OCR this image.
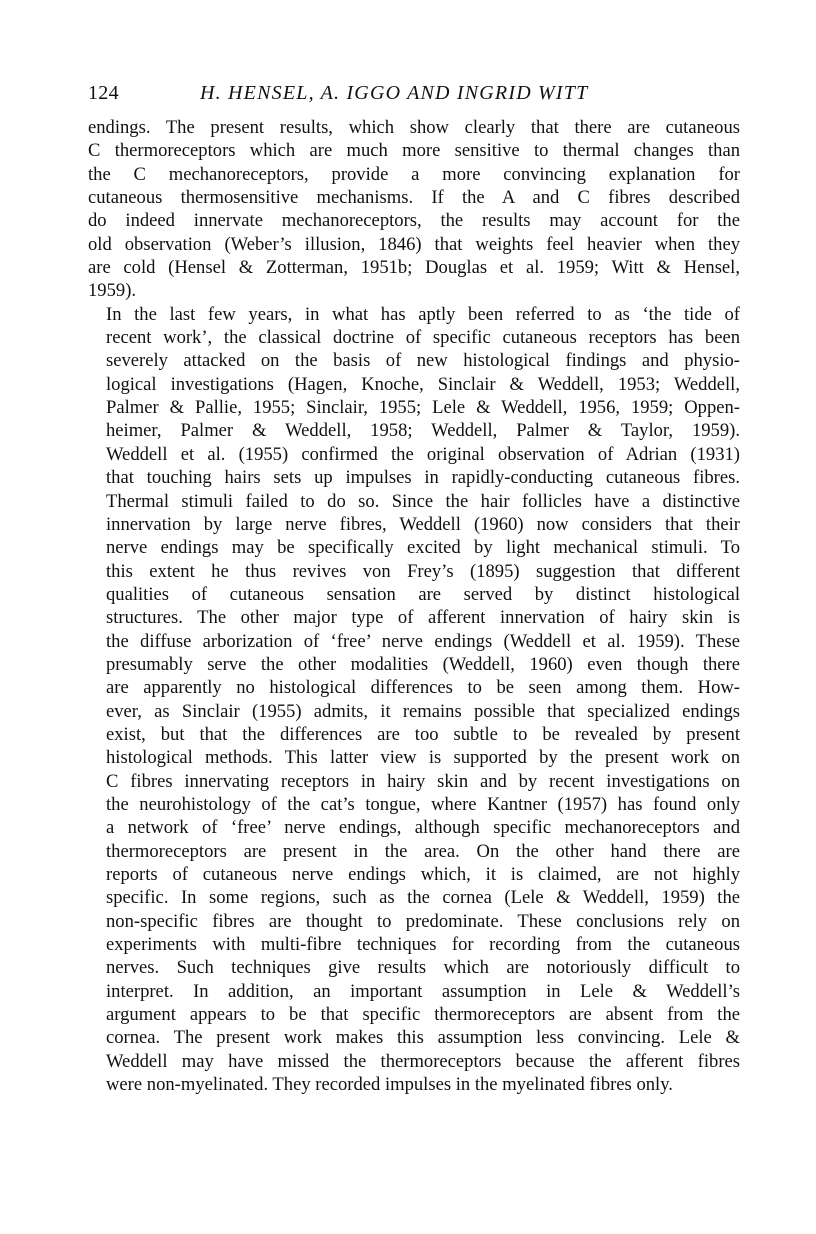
124	H. HENSEL, A. IGGO AND INGRID WITT

endings. The present results, which show clearly that there are cutaneous
C thermoreceptors which are much more sensitive to thermal changes than
the C mechanoreceptors, provide a more convincing explanation for
cutaneous thermosensitive mechanisms. If the A and C fibres described
do indeed innervate mechanoreceptors, the results may account for the
old observation (Weber’s illusion, 1846) that weights feel heavier when they
are cold (Hensel & Zotterman, 1951b; Douglas et al. 1959; Witt & Hensel,
1959).

In the last few years, in what has aptly been referred to as ‘the tide of
recent work’, the classical doctrine of specific cutaneous receptors has been
severely attacked on the basis of new histological findings and physio-
logical investigations (Hagen, Knoche, Sinclair & Weddell, 1953; Weddell,
Palmer & Pallie, 1955; Sinclair, 1955; Lele & Weddell, 1956, 1959; Oppen-
heimer, Palmer & Weddell, 1958; Weddell, Palmer & Taylor, 1959).
Weddell et al. (1955) confirmed the original observation of Adrian (1931)
that touching hairs sets up impulses in rapidly-conducting cutaneous fibres.
Thermal stimuli failed to do so. Since the hair follicles have a distinctive
innervation by large nerve fibres, Weddell (1960) now considers that their
nerve endings may be specifically excited by light mechanical stimuli. To
this extent he thus revives von Frey’s (1895) suggestion that different
qualities of cutaneous sensation are served by distinct histological
structures. The other major type of afferent innervation of hairy skin is
the diffuse arborization of ‘free’ nerve endings (Weddell et al. 1959). These
presumably serve the other modalities (Weddell, 1960) even though there
are apparently no histological differences to be seen among them. How-
ever, as Sinclair (1955) admits, it remains possible that specialized endings
exist, but that the differences are too subtle to be revealed by present
histological methods. This latter view is supported by the present work on
C fibres innervating receptors in hairy skin and by recent investigations on
the neurohistology of the cat’s tongue, where Kantner (1957) has found only
a network of ‘free’ nerve endings, although specific mechanoreceptors and
thermoreceptors are present in the area. On the other hand there are
reports of cutaneous nerve endings which, it is claimed, are not highly
specific. In some regions, such as the cornea (Lele & Weddell, 1959) the
non-specific fibres are thought to predominate. These conclusions rely on
experiments with multi-fibre techniques for recording from the cutaneous
nerves. Such techniques give results which are notoriously difficult to
interpret. In addition, an important assumption in Lele & Weddell’s
argument appears to be that specific thermoreceptors are absent from the
cornea. The present work makes this assumption less convincing. Lele &
Weddell may have missed the thermoreceptors because the afferent fibres
were non-myelinated. They recorded impulses in the myelinated fibres only.
